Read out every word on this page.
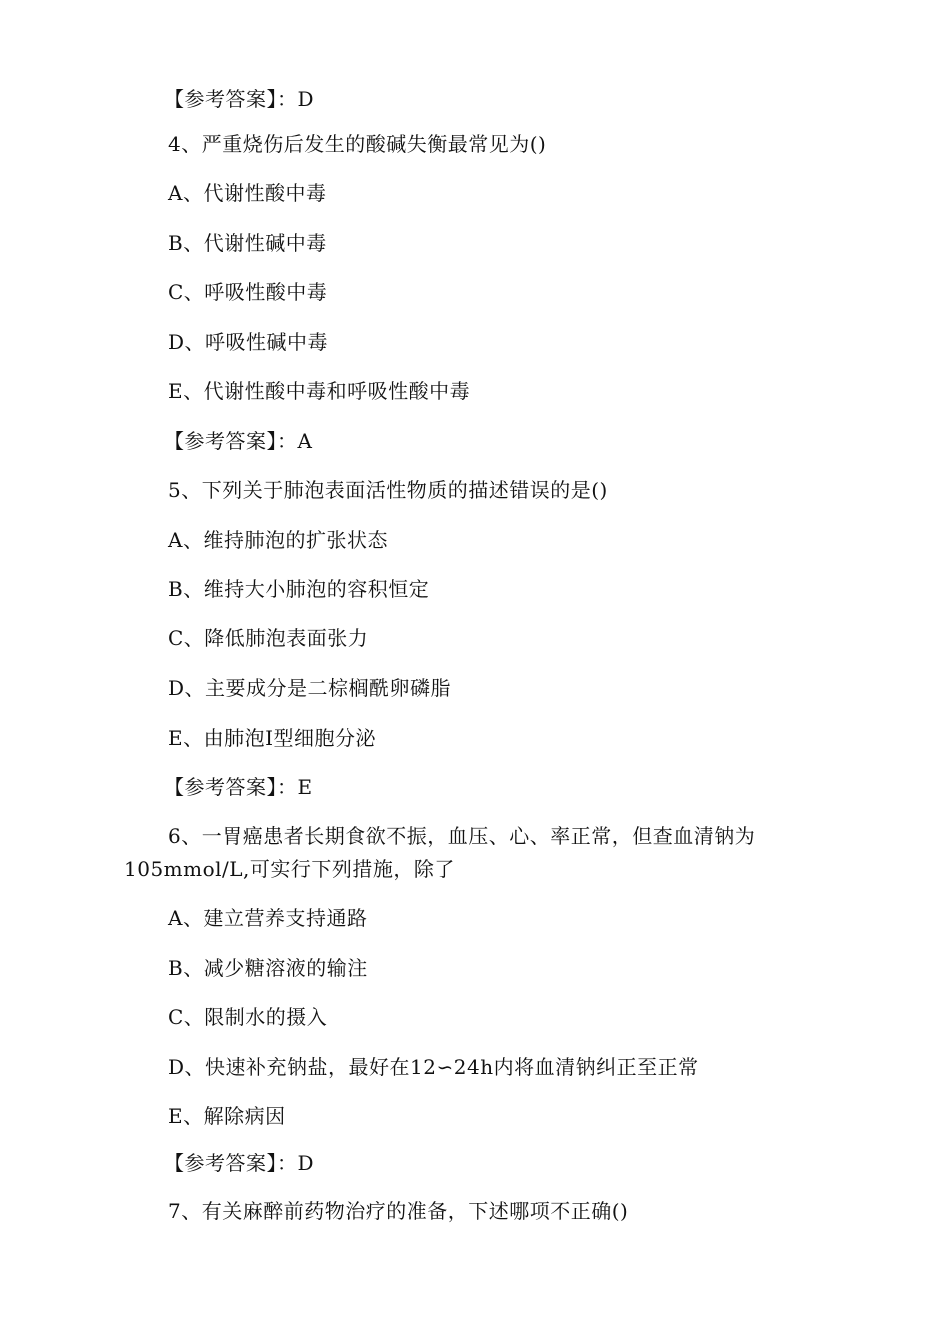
【参考答案】：D
4、严重烧伤后发生的酸碱失衡最常见为()
A、代谢性酸中毒
B、代谢性碱中毒
C、呼吸性酸中毒
D、呼吸性碱中毒
E、代谢性酸中毒和呼吸性酸中毒
【参考答案】：A
5、下列关于肺泡表面活性物质的描述错误的是()
A、维持肺泡的扩张状态
B、维持大小肺泡的容积恒定
C、降低肺泡表面张力
D、主要成分是二棕榈酰卵磷脂
E、由肺泡Ⅰ型细胞分泌
【参考答案】：E
6、一胃癌患者长期食欲不振，血压、心、率正常，但查血清钠为
105mmol/L,可实行下列措施，除了
A、建立营养支持通路
B、减少糖溶液的输注
C、限制水的摄入
D、快速补充钠盐，最好在12∽24h内将血清钠纠正至正常
E、解除病因
【参考答案】：D
7、有关麻醉前药物治疗的准备，下述哪项不正确()
